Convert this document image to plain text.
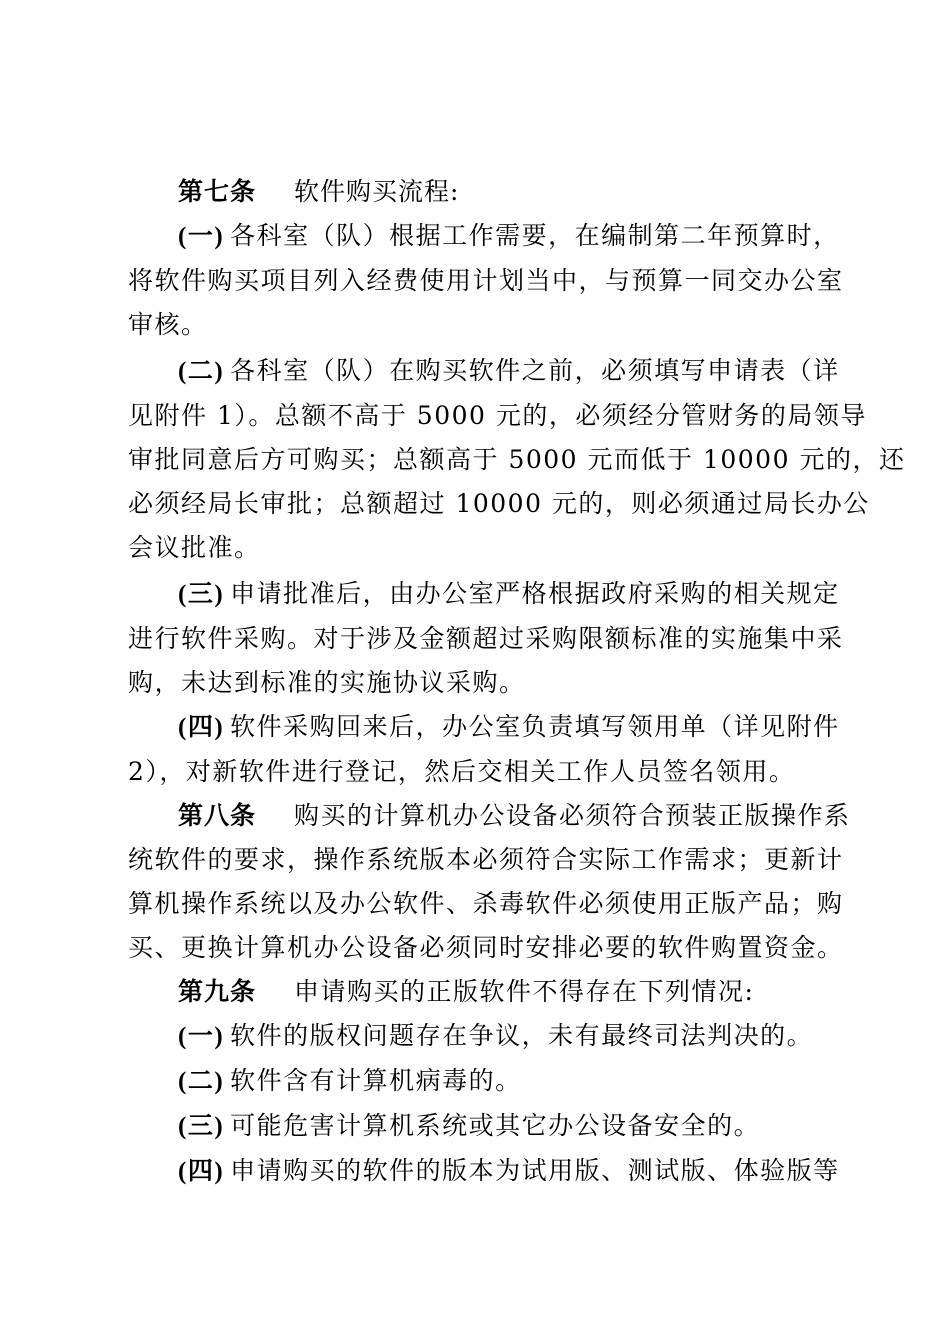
第七条 软件购买流程:

(一) 各科室（队）根据工作需要，在编制第二年预算时，
将软件购买项目列入经费使用计划当中，与预算一同交办公室
审核。
(二) 各科室（队）在购买软件之前，必须填写申请表（详
见附件 1）。总额不高于 5000 元的，必须经分管财务的局领导
审批同意后方可购买；总额高于 5000 元而低于 10000 元的，还
必须经局长审批；总额超过 10000 元的，则必须通过局长办公
会议批准。
(三) 申请批准后，由办公室严格根据政府采购的相关规定
进行软件采购。对于涉及金额超过采购限额标准的实施集中采
购，未达到标准的实施协议采购。
(四) 软件采购回来后，办公室负责填写领用单（详见附件
2），对新软件进行登记，然后交相关工作人员签名领用。
第八条 购买的计算机办公设备必须符合预装正版操作系
统软件的要求，操作系统版本必须符合实际工作需求；更新计
算机操作系统以及办公软件、杀毒软件必须使用正版产品；购
买、更换计算机办公设备必须同时安排必要的软件购置资金。
第九条 申请购买的正版软件不得存在下列情况:
(一) 软件的版权问题存在争议，未有最终司法判决的。
(二) 软件含有计算机病毒的。
(三) 可能危害计算机系统或其它办公设备安全的。
(四) 申请购买的软件的版本为试用版、测试版、体验版等
